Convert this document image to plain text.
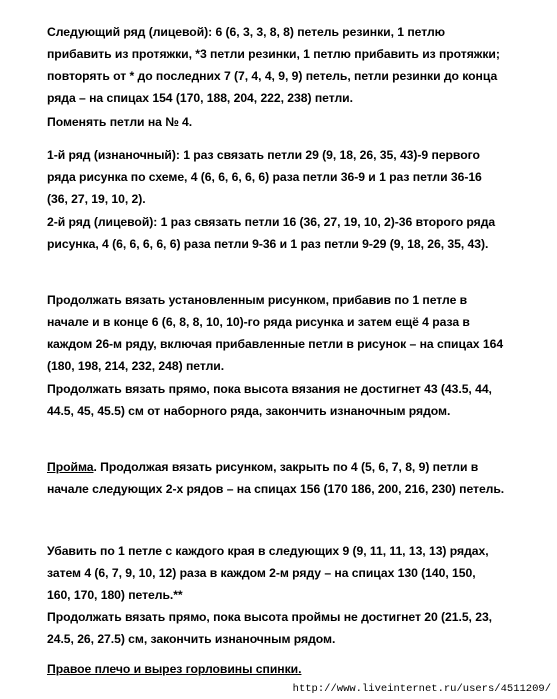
Следующий ряд (лицевой): 6 (6, 3, 3, 8, 8) петель резинки, 1 петлю
прибавить из протяжки, *3 петли резинки, 1 петлю прибавить из протяжки;
повторять от * до последних 7 (7, 4, 4, 9, 9) петель, петли резинки до конца
ряда – на спицах 154 (170, 188, 204, 222, 238) петли.
Поменять петли на № 4.
1-й ряд (изнаночный): 1 раз связать петли 29 (9, 18, 26, 35, 43)-9 первого
ряда рисунка по схеме, 4 (6, 6, 6, 6, 6) раза петли 36-9 и 1 раз петли 36-16
(36, 27, 19, 10, 2).
2-й ряд (лицевой): 1 раз связать петли 16 (36, 27, 19, 10, 2)-36 второго ряда
рисунка, 4 (6, 6, 6, 6, 6) раза петли 9-36 и 1 раз петли 9-29 (9, 18, 26, 35, 43).
Продолжать вязать установленным рисунком, прибавив по 1 петле в
начале и в конце 6 (6, 8, 8, 10, 10)-го ряда рисунка и затем ещё 4 раза в
каждом 26-м ряду, включая прибавленные петли в рисунок – на спицах 164
(180, 198, 214, 232, 248) петли.
Продолжать вязать прямо, пока высота вязания не достигнет 43 (43.5, 44,
44.5, 45, 45.5) см от наборного ряда, закончить изнаночным рядом.
Пройма. Продолжая вязать рисунком, закрыть по 4 (5, 6, 7, 8, 9) петли в
начале следующих 2-х рядов – на спицах 156 (170 186, 200, 216, 230) петель.
Убавить по 1 петле с каждого края в следующих 9 (9, 11, 11, 13, 13) рядах,
затем 4 (6, 7, 9, 10, 12) раза в каждом 2-м ряду – на спицах 130 (140, 150,
160, 170, 180) петель.**
Продолжать вязать прямо, пока высота проймы не достигнет 20 (21.5, 23,
24.5, 26, 27.5) см, закончить изнаночным рядом.
Правое плечо и вырез горловины спинки.
http://www.liveinternet.ru/users/4511209/
